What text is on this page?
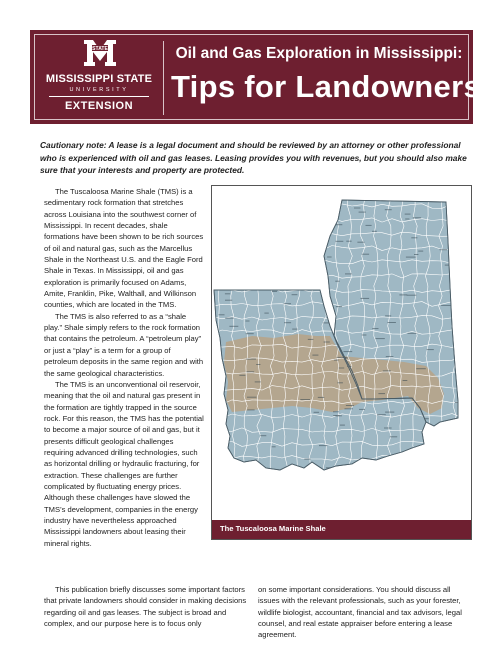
STATE
MISSISSIPPI STATE
UNIVERSITY
EXTENSION
Oil and Gas Exploration in Mississippi:
Tips for Landowners
Cautionary note: A lease is a legal document and should be reviewed by an attorney or other professional who is experienced with oil and gas leases. Leasing provides you with revenues, but you should also make sure that your interests and property are protected.

The Tuscaloosa Marine Shale (TMS) is a sedimentary rock formation that stretches across Louisiana into the southwest corner of Mississippi. In recent decades, shale formations have been shown to be rich sources of oil and natural gas, such as the Marcellus Shale in the Northeast U.S. and the Eagle Ford Shale in Texas. In Mississippi, oil and gas exploration is primarily focused on Adams, Amite, Franklin, Pike, Walthall, and Wilkinson counties, which are located in the TMS.

The TMS is also referred to as a “shale play.” Shale simply refers to the rock formation that contains the petroleum. A “petroleum play” or just a “play” is a term for a group of petroleum deposits in the same region and with the same geological characteristics.

The TMS is an unconventional oil reservoir, meaning that the oil and natural gas present in the formation are tightly trapped in the source rock. For this reason, the TMS has the potential to become a major source of oil and gas, but it presents difficult geological challenges requiring advanced drilling technologies, such as horizontal drilling or hydraulic fracturing, for extraction. These challenges are further complicated by fluctuating energy prices. Although these challenges have slowed the TMS’s development, companies in the energy industry have nevertheless approached Mississippi landowners about leasing their mineral rights.

The Tuscaloosa Marine Shale
This publication briefly discusses some important factors that private landowners should consider in making decisions regarding oil and gas leases. The subject is broad and complex, and our purpose here is to focus only
on some important considerations. You should discuss all issues with the relevant professionals, such as your forester, wildlife biologist, accountant, financial and tax advisors, legal counsel, and real estate appraiser before entering a lease agreement.
